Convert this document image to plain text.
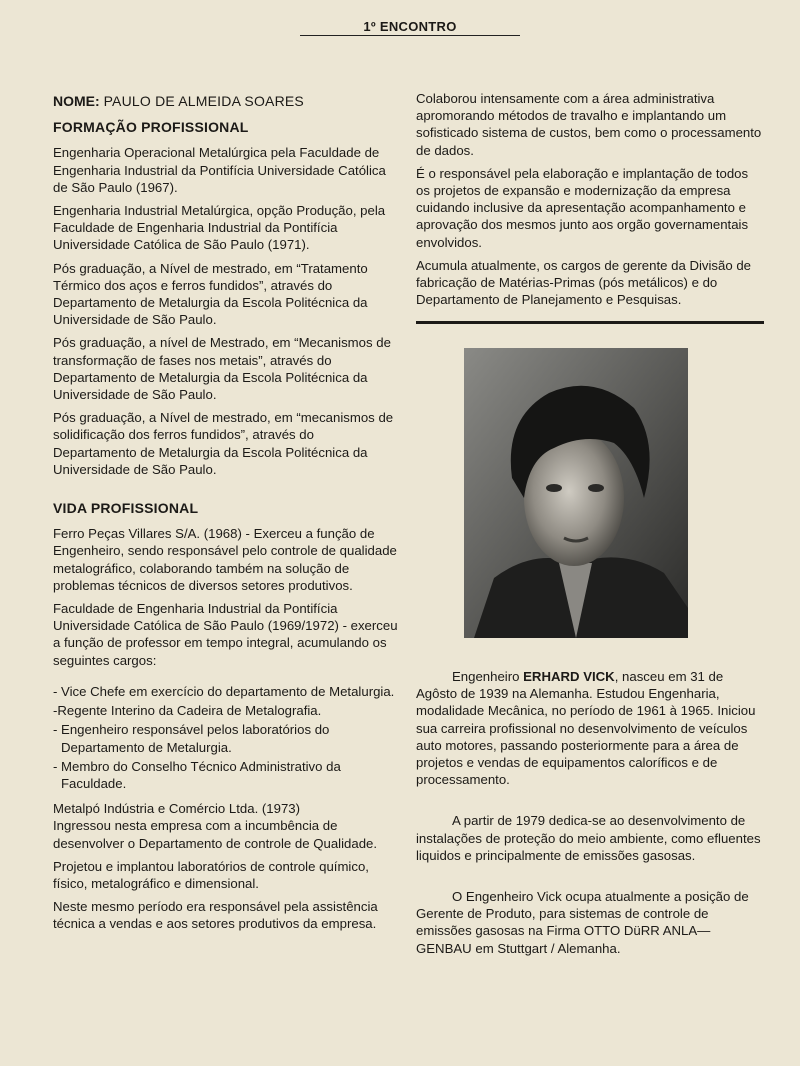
1º ENCONTRO
NOME: PAULO DE ALMEIDA SOARES
FORMAÇÃO PROFISSIONAL

Engenharia Operacional Metalúrgica pela Faculdade de Engenharia Industrial da Pontifícia Universidade Católica de São Paulo (1967).

Engenharia Industrial Metalúrgica, opção Produção, pela Faculdade de Engenharia Industrial da Pontifícia Universidade Católica de São Paulo (1971).

Pós graduação, a Nível de mestrado, em “Tratamento Térmico dos aços e ferros fundidos”, através do Departamento de Metalurgia da Escola Politécnica da Universidade de São Paulo.

Pós graduação, a nível de Mestrado, em “Mecanismos de transformação de fases nos metais”, através do Departamento de Metalurgia da Escola Politécnica da Universidade de São Paulo.

Pós graduação, a Nível de mestrado, em “mecanismos de solidificação dos ferros fundidos”, através do Departamento de Metalurgia da Escola Politécnica da Universidade de São Paulo.

VIDA PROFISSIONAL

Ferro Peças Villares S/A. (1968) - Exerceu a função de Engenheiro, sendo responsável pelo controle de qualidade metalográfico, colaborando também na solução de problemas técnicos de diversos setores produtivos.

Faculdade de Engenharia Industrial da Pontifícia Universidade Católica de São Paulo (1969/1972) - exerceu a função de professor em tempo integral, acumulando os seguintes cargos:

- Vice Chefe em exercício do departamento de Metalurgia.
-Regente Interino da Cadeira de Metalografia.
- Engenheiro responsável pelos laboratórios do Departamento de Metalurgia.
- Membro do Conselho Técnico Administrativo da Faculdade.

Metalpó Indústria e Comércio Ltda. (1973)

Ingressou nesta empresa com a incumbência de desenvolver o Departamento de controle de Qualidade.

Projetou e implantou laboratórios de controle químico, físico, metalográfico e dimensional.

Neste mesmo período era responsável pela assistência técnica a vendas e aos setores produtivos da empresa.

Colaborou intensamente com a área administrativa apromorando métodos de travalho e implantando um sofisticado sistema de custos, bem como o processamento de dados.

É o responsável pela elaboração e implantação de todos os projetos de expansão e modernização da empresa cuidando inclusive da apresentação acompanhamento e aprovação dos mesmos junto aos orgão governamentais envolvidos.

Acumula atualmente, os cargos de gerente da Divisão de fabricação de Matérias-Primas (pós metálicos) e do Departamento de Planejamento e Pesquisas.

Engenheiro ERHARD VICK, nasceu em 31 de Agôsto de 1939 na Alemanha. Estudou Engenharia, modalidade Mecânica, no período de 1961 à 1965. Iniciou sua carreira profissional no desenvolvimento de veículos auto motores, passando posteriormente para a área de projetos e vendas de equipamentos caloríficos e de processamento.

A partir de 1979 dedica-se ao desenvolvimento de instalações de proteção do meio ambiente, como efluentes liquidos e principalmente de emissões gasosas.

O Engenheiro Vick ocupa atualmente a posição de Gerente de Produto, para sistemas de controle de emissões gasosas na Firma OTTO DüRR ANLA—GENBAU em Stuttgart / Alemanha.
